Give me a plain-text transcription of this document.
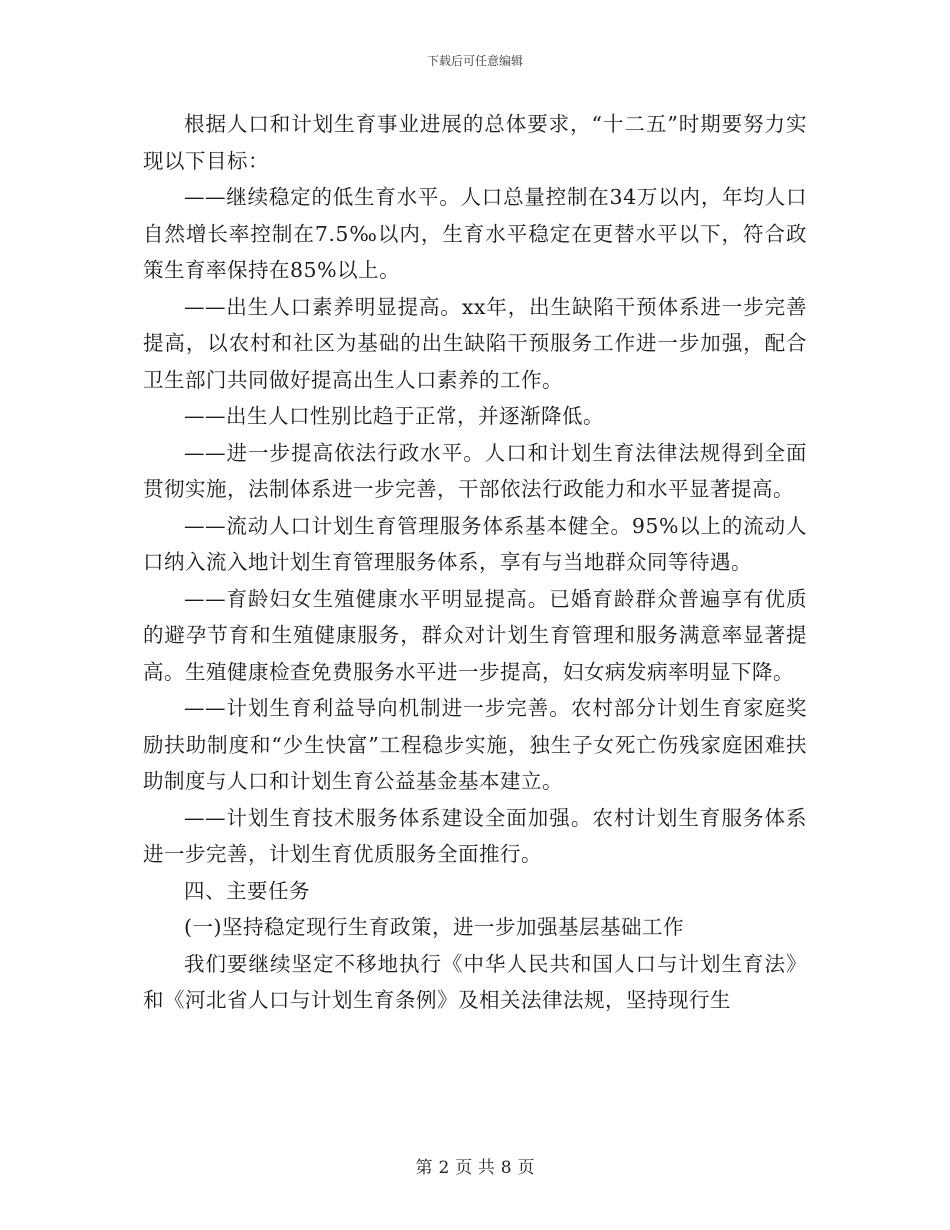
下载后可任意编辑

根据人口和计划生育事业进展的总体要求，“十二五”时期要努力实现以下目标：

——继续稳定的低生育水平。人口总量控制在34万以内，年均人口自然增长率控制在7.5‰以内，生育水平稳定在更替水平以下，符合政策生育率保持在85%以上。

——出生人口素养明显提高。xx年，出生缺陷干预体系进一步完善提高，以农村和社区为基础的出生缺陷干预服务工作进一步加强，配合卫生部门共同做好提高出生人口素养的工作。

——出生人口性别比趋于正常，并逐渐降低。

——进一步提高依法行政水平。人口和计划生育法律法规得到全面贯彻实施，法制体系进一步完善，干部依法行政能力和水平显著提高。

——流动人口计划生育管理服务体系基本健全。95%以上的流动人口纳入流入地计划生育管理服务体系，享有与当地群众同等待遇。

——育龄妇女生殖健康水平明显提高。已婚育龄群众普遍享有优质的避孕节育和生殖健康服务，群众对计划生育管理和服务满意率显著提高。生殖健康检查免费服务水平进一步提高，妇女病发病率明显下降。

——计划生育利益导向机制进一步完善。农村部分计划生育家庭奖励扶助制度和“少生快富”工程稳步实施，独生子女死亡伤残家庭困难扶助制度与人口和计划生育公益基金基本建立。

——计划生育技术服务体系建设全面加强。农村计划生育服务体系进一步完善，计划生育优质服务全面推行。

四、主要任务

(一)坚持稳定现行生育政策，进一步加强基层基础工作

我们要继续坚定不移地执行《中华人民共和国人口与计划生育法》和《河北省人口与计划生育条例》及相关法律法规，坚持现行生

第 2 页 共 8 页
